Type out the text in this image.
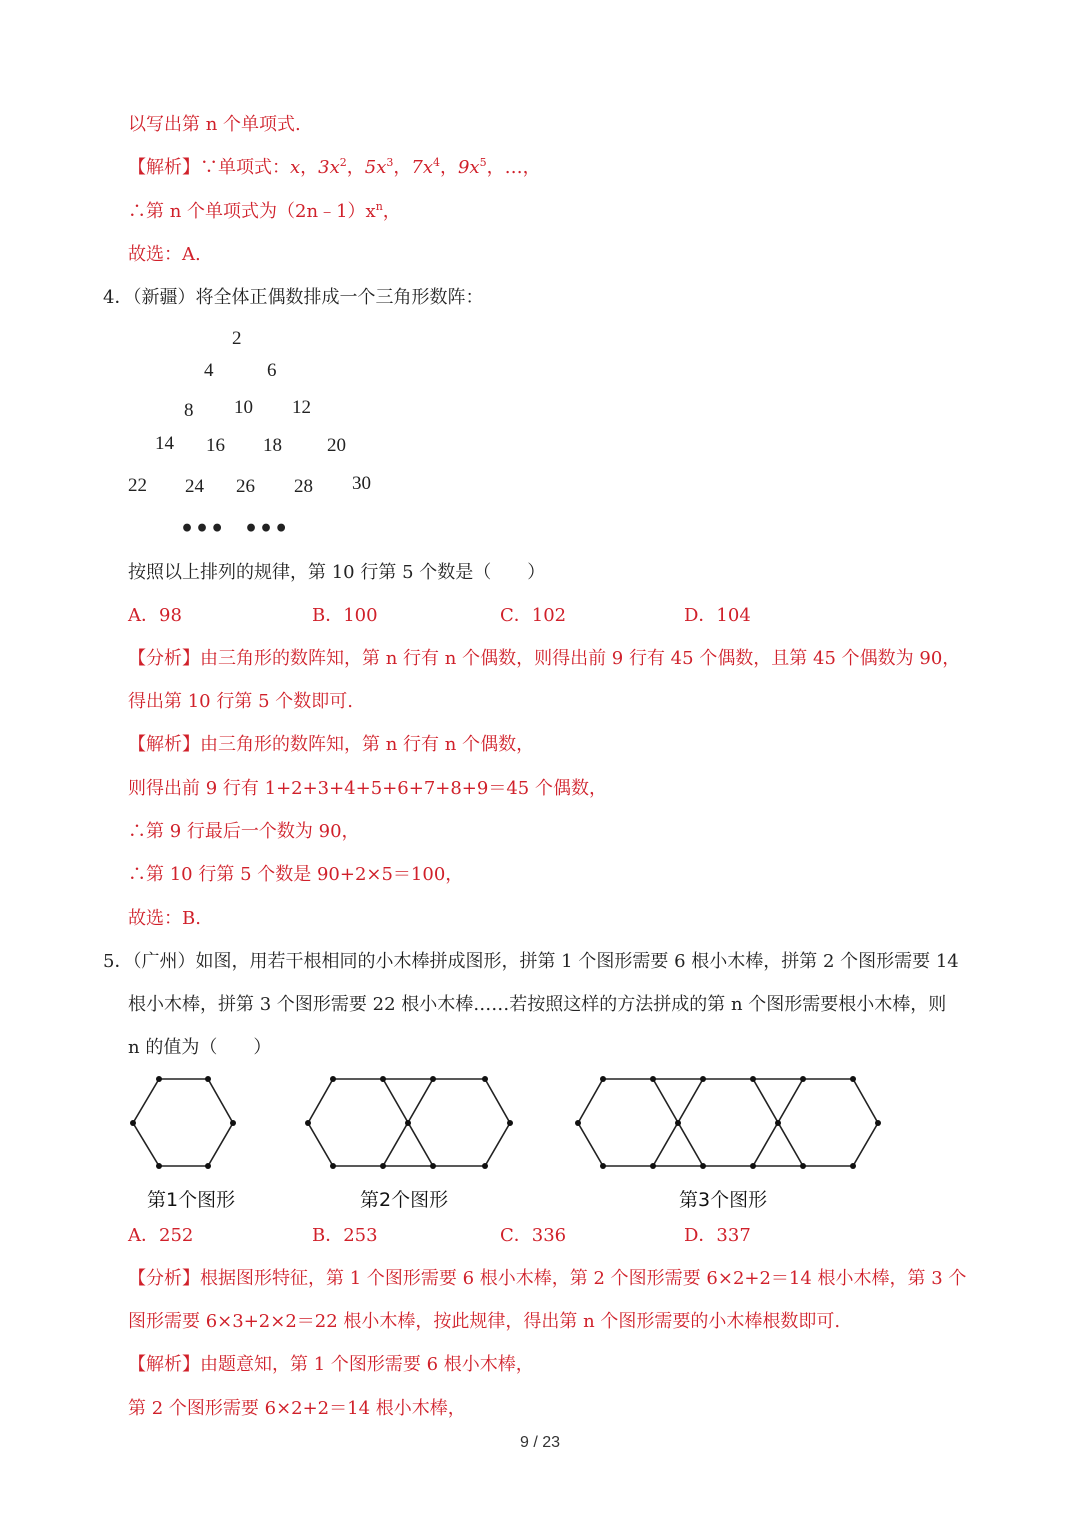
以写出第 n 个单项式.
【解析】∵单项式：x，$3x^2$，$5x^3$，$7x^4$，$9x^5$，…，
∴第 n 个单项式为$(2n﹣1)x^n$，
故选：A.
4．（新疆）将全体正偶数排成一个三角形数阵：
2
4	6
8 10 12
14 16 18 20
22 24 26 28 30
••• •••
按照以上排列的规律，第 10 行第 5 个数是（　　）
A．98	B．100	C．102	D．104
【分析】由三角形的数阵知，第 n 行有 n 个偶数，则得出前 9 行有 45 个偶数，且第 45 个偶数为 90，
得出第 10 行第 5 个数即可.
【解析】由三角形的数阵知，第 n 行有 n 个偶数，
则得出前 9 行有 1+2+3+4+5+6+7+8+9＝45 个偶数，
∴第 9 行最后一个数为 90，
∴第 10 行第 5 个数是 90+2×5＝100，
故选：B.
5．（广州）如图，用若干根相同的小木棒拼成图形，拼第 1 个图形需要 6 根小木棒，拼第 2 个图形需要 14
根小木棒，拼第 3 个图形需要 22 根小木棒……若按照这样的方法拼成的第 n 个图形需要根小木棒，则
n 的值为（　　）
第1个图形	第2个图形	第3个图形
A．252	B．253	C．336	D．337
【分析】根据图形特征，第 1 个图形需要 6 根小木棒，第 2 个图形需要 6×2+2＝14 根小木棒，第 3 个
图形需要 6×3+2×2＝22 根小木棒，按此规律，得出第 n 个图形需要的小木棒根数即可.
【解析】由题意知，第 1 个图形需要 6 根小木棒，
第 2 个图形需要 6×2+2＝14 根小木棒，
9 / 23
